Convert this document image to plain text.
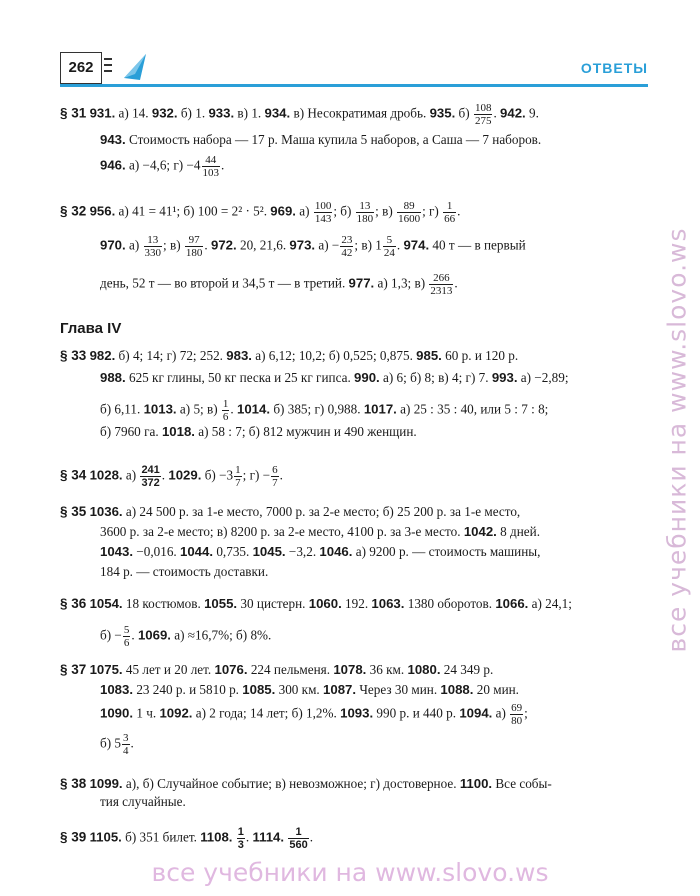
262	ОТВЕТЫ
§ 31 931. а) 14. 932. б) 1. 933. в) 1. 934. в) Несократимая дробь. 935. $б) \frac{108}{275}$ . 942. 9.
943. Стоимость набора — 17 р. Маша купила 5 наборов, а Саша — 7 наборов.
946. а) −4,6; $г) -4 \frac{44}{103}$ .
§ 32 956. а) 41 = 41¹; б) 100 = 2² · 5². 969. $а) \frac{100}{143}$ ; $б) \frac{13}{180}$ ; $в) \frac{89}{1600}$ ; $г) \frac{1}{66}$ .
970. $а) \frac{13}{330}$ ; $в) \frac{97}{180}$ . 972. 20, 21,6. 973. $а) - \frac{23}{42}$ ; в) $1 \frac{5}{24}$ . 974. 40 т — в первый
день, 52 т — во второй и 34,5 т — в третий. 977. а) 1,3; $в) \frac{266}{2313}$ .
Глава IV
§ 33 982. б) 4; 14; г) 72; 252. 983. а) 6,12; 10,2; б) 0,525; 0,875. 985. 60 р. и 120 р.
988. 625 кг глины, 50 кг песка и 25 кг гипса. 990. а) 6; б) 8; в) 4; г) 7. 993. а) −2,89;
б) 6,11. 1013. а) 5; $в) \frac{1}{6}$ . 1014. б) 385; г) 0,988. 1017. а) 25 : 35 : 40, или 5 : 7 : 8;
б) 7960 га. 1018. а) 58 : 7; б) 812 мужчин и 490 женщин.
§ 34 1028. $а) \frac{241}{372}$ . 1029. $б) -3 \frac{1}{7}$ ; $г) - \frac{6}{7}$ .
§ 35 1036. а) 24 500 р. за 1-е место, 7000 р. за 2-е место; б) 25 200 р. за 1-е место,
3600 р. за 2-е место; в) 8200 р. за 2-е место, 4100 р. за 3-е место. 1042. 8 дней.
1043. −0,016. 1044. 0,735. 1045. −3,2. 1046. а) 9200 р. — стоимость машины,
184 р. — стоимость доставки.
§ 36 1054. 18 костюмов. 1055. 30 цистерн. 1060. 192. 1063. 1380 оборотов. 1066. а) 24,1;
$б) - \frac{5}{6}$ . 1069. а) ≈16,7%; б) 8%.
§ 37 1075. 45 лет и 20 лет. 1076. 224 пельменя. 1078. 36 км. 1080. 24 349 р.
1083. 23 240 р. и 5810 р. 1085. 300 км. 1087. Через 30 мин. 1088. 20 мин.
1090. 1 ч. 1092. а) 2 года; 14 лет; б) 1,2%. 1093. 990 р. и 440 р. 1094. $а) \frac{69}{80}$ ;
б) $5 \frac{3}{4}$ .
§ 38 1099. а), б) Случайное событие; в) невозможное; г) достоверное. 1100. Все собы-
тия случайные.
§ 39 1105. б) 351 билет. 1108. $\frac{1}{3}$ . 1114. $\frac{1}{560}$ .
все учебники на www.slovo.ws
все учебники на www.slovo.ws
